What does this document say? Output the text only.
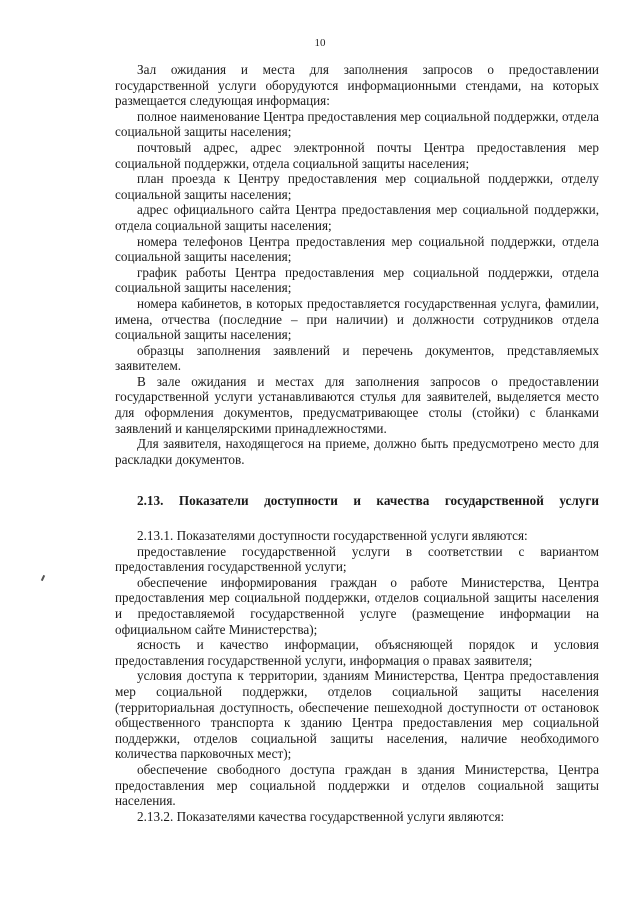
10

Зал ожидания и места для заполнения запросов о предоставлении государственной услуги оборудуются информационными стендами, на которых размещается следующая информация:

полное наименование Центра предоставления мер социальной поддержки, отдела социальной защиты населения;

почтовый адрес, адрес электронной почты Центра предоставления мер социальной поддержки, отдела социальной защиты населения;

план проезда к Центру предоставления мер социальной поддержки, отделу социальной защиты населения;

адрес официального сайта Центра предоставления мер социальной поддержки, отдела социальной защиты населения;

номера телефонов Центра предоставления мер социальной поддержки, отдела социальной защиты населения;

график работы Центра предоставления мер социальной поддержки, отдела социальной защиты населения;

номера кабинетов, в которых предоставляется государственная услуга, фамилии, имена, отчества (последние – при наличии) и должности сотрудников отдела социальной защиты населения;

образцы заполнения заявлений и перечень документов, представляемых заявителем.

В зале ожидания и местах для заполнения запросов о предоставлении государственной услуги устанавливаются стулья для заявителей, выделяется место для оформления документов, предусматривающее столы (стойки) с бланками заявлений и канцелярскими принадлежностями.

Для заявителя, находящегося на приеме, должно быть предусмотрено место для раскладки документов.

2.13. Показатели доступности и качества государственной услуги

2.13.1. Показателями доступности государственной услуги являются:

предоставление государственной услуги в соответствии с вариантом предоставления государственной услуги;

обеспечение информирования граждан о работе Министерства, Центра предоставления мер социальной поддержки, отделов социальной защиты населения и предоставляемой государственной услуге (размещение информации на официальном сайте Министерства);

ясность и качество информации, объясняющей порядок и условия предоставления государственной услуги, информация о правах заявителя;

условия доступа к территории, зданиям Министерства, Центра предоставления мер социальной поддержки, отделов социальной защиты населения (территориальная доступность, обеспечение пешеходной доступности от остановок общественного транспорта к зданию Центра предоставления мер социальной поддержки, отделов социальной защиты населения, наличие необходимого количества парковочных мест);

обеспечение свободного доступа граждан в здания Министерства, Центра предоставления мер социальной поддержки и отделов социальной защиты населения.

2.13.2. Показателями качества государственной услуги являются:
